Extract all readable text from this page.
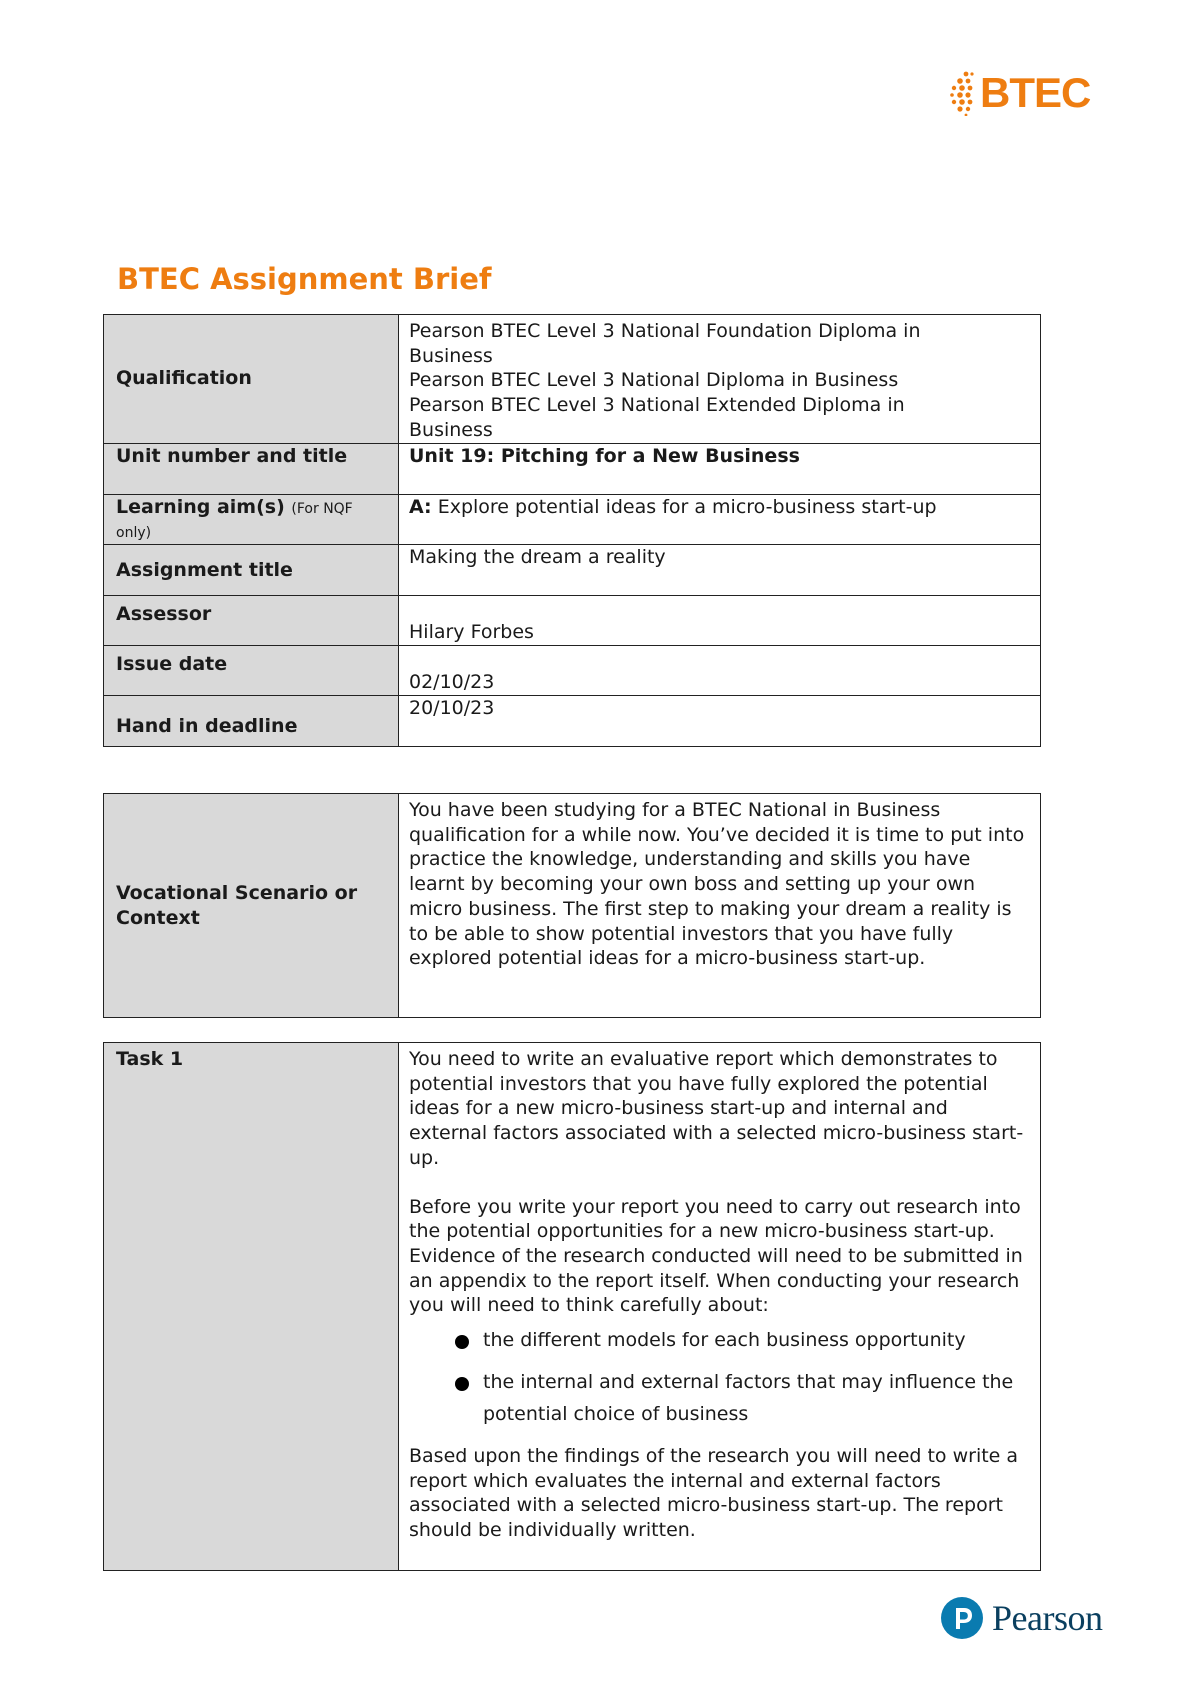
BTEC
BTEC Assignment Brief
Qualification	Pearson BTEC Level 3 National Foundation Diploma in
Business
Pearson BTEC Level 3 National Diploma in Business
Pearson BTEC Level 3 National Extended Diploma in
Business

Unit number and title	Unit 19: Pitching for a New Business
Learning aim(s) (For NQF only)	A: Explore potential ideas for a micro-business start-up
Assignment title	Making the dream a reality
Assessor	Hilary Forbes
Issue date	02/10/23
Hand in deadline	20/10/23
Vocational Scenario or Context	You have been studying for a BTEC National in Business qualification for a while now. You’ve decided it is time to put into practice the knowledge, understanding and skills you have learnt by becoming your own boss and setting up your own micro business. The first step to making your dream a reality is to be able to show potential investors that you have fully explored potential ideas for a micro-business start-up.
Task 1	You need to write an evaluative report which demonstrates to potential investors that you have fully explored the potential ideas for a new micro-business start-up and internal and external factors associated with a selected micro-business start-up.

Before you write your report you need to carry out research into the potential opportunities for a new micro-business start-up. Evidence of the research conducted will need to be submitted in an appendix to the report itself. When conducting your research you will need to think carefully about:

the different models for each business opportunity
the internal and external factors that may influence the potential choice of business

Based upon the findings of the research you will need to write a report which evaluates the internal and external factors associated with a selected micro-business start-up. The report should be individually written.

Pearson
